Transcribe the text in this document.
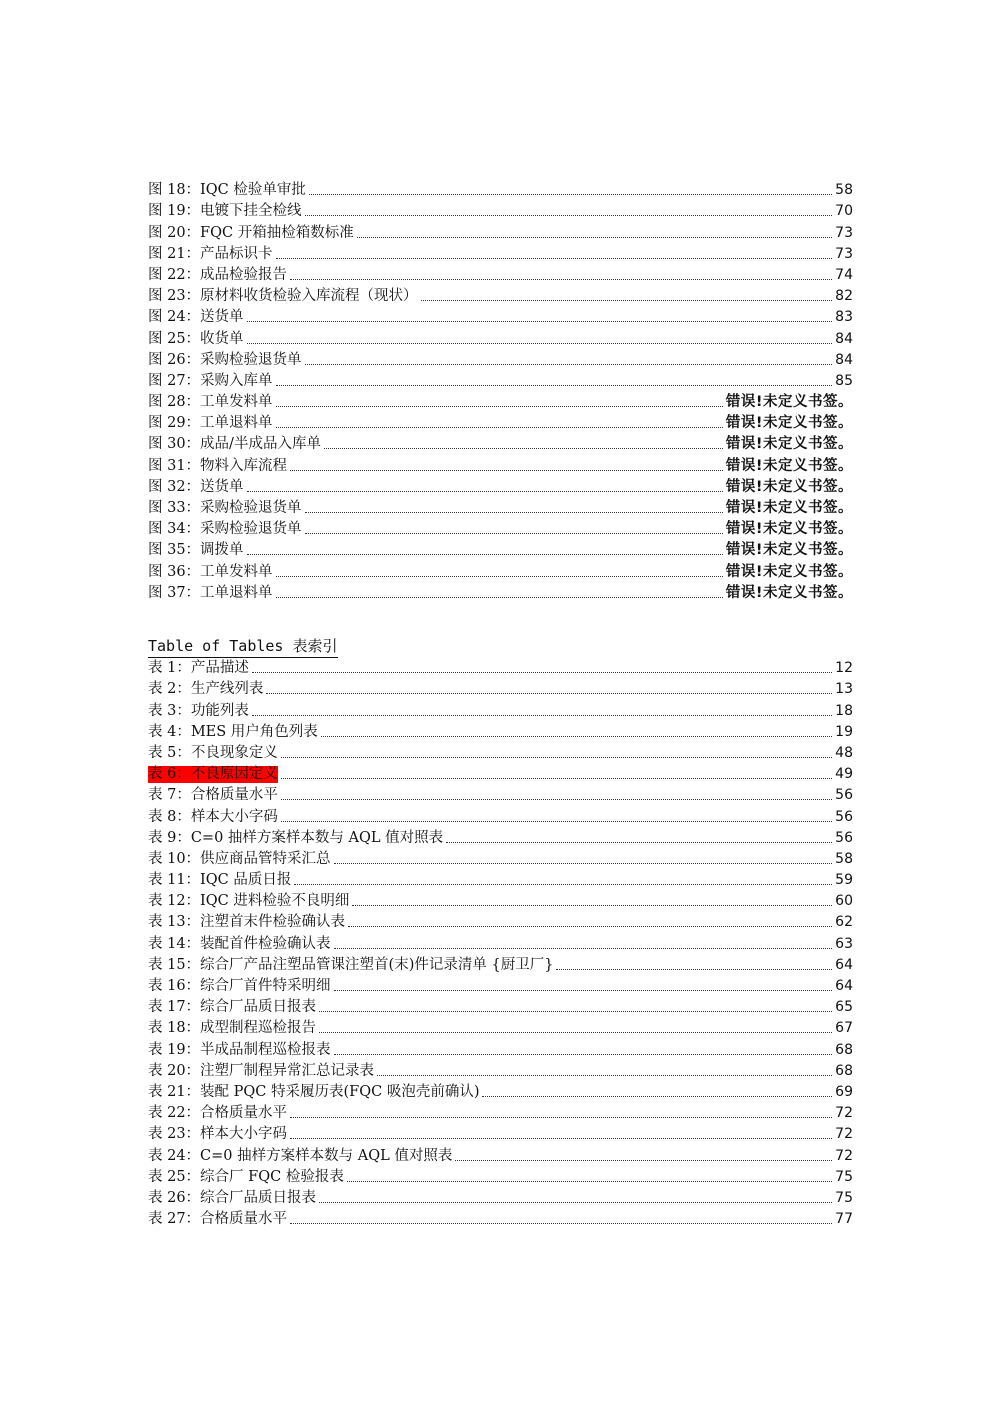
图 18：IQC 检验单审批	58
图 19：电镀下挂全检线	70
图 20：FQC 开箱抽检箱数标准	73
图 21：产品标识卡	73
图 22：成品检验报告	74
图 23：原材料收货检验入库流程（现状）	82
图 24：送货单	83
图 25：收货单	84
图 26：采购检验退货单	84
图 27：采购入库单	85
图 28：工单发料单	错误!未定义书签。
图 29：工单退料单	错误!未定义书签。
图 30：成品/半成品入库单	错误!未定义书签。
图 31：物料入库流程	错误!未定义书签。
图 32：送货单	错误!未定义书签。
图 33：采购检验退货单	错误!未定义书签。
图 34：采购检验退货单	错误!未定义书签。
图 35：调拨单	错误!未定义书签。
图 36：工单发料单	错误!未定义书签。
图 37：工单退料单	错误!未定义书签。
Table of Tables 表索引
表 1：产品描述	12
表 2：生产线列表	13
表 3：功能列表	18
表 4：MES 用户角色列表	19
表 5：不良现象定义	48
表 6：不良原因定义	49
表 7：合格质量水平	56
表 8：样本大小字码	56
表 9：C=0 抽样方案样本数与 AQL 值对照表	56
表 10：供应商品管特采汇总	58
表 11：IQC 品质日报	59
表 12：IQC 进料检验不良明细	60
表 13：注塑首末件检验确认表	62
表 14：装配首件检验确认表	63
表 15：综合厂产品注塑品管课注塑首(末)件记录清单 {厨卫厂}	64
表 16：综合厂首件特采明细	64
表 17：综合厂品质日报表	65
表 18：成型制程巡检报告	67
表 19：半成品制程巡检报表	68
表 20：注塑厂制程异常汇总记录表	68
表 21：装配 PQC 特采履历表(FQC 吸泡壳前确认)	69
表 22：合格质量水平	72
表 23：样本大小字码	72
表 24：C=0 抽样方案样本数与 AQL 值对照表	72
表 25：综合厂 FQC 检验报表	75
表 26：综合厂品质日报表	75
表 27：合格质量水平	77
